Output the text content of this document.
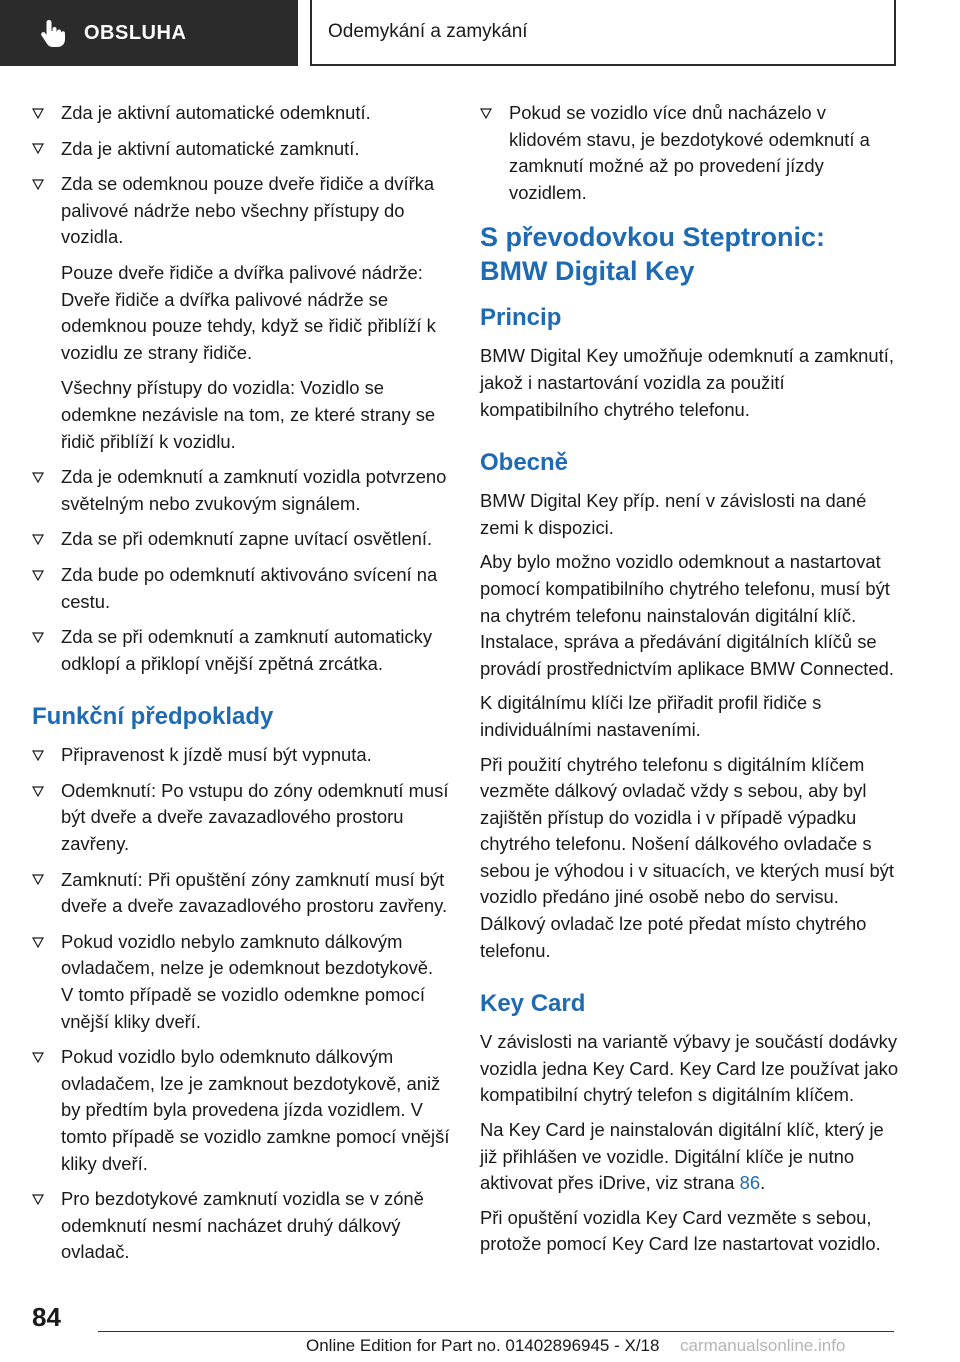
OBSLUHA	Odemykání a zamykání
Zda je aktivní automatické odemknutí.
Zda je aktivní automatické zamknutí.
Zda se odemknou pouze dveře řidiče a dvířka palivové nádrže nebo všechny přístupy do vozidla.

Pouze dveře řidiče a dvířka palivové nádrže: Dveře řidiče a dvířka palivové nádrže se odemknou pouze tehdy, když se řidič přiblíží k vozidlu ze strany řidiče.

Všechny přístupy do vozidla: Vozidlo se odemkne nezávisle na tom, ze které strany se řidič přiblíží k vozidlu.

Zda je odemknutí a zamknutí vozidla potvrzeno světelným nebo zvukovým signálem.
Zda se při odemknutí zapne uvítací osvětlení.
Zda bude po odemknutí aktivováno svícení na cestu.
Zda se při odemknutí a zamknutí automaticky odklopí a přiklopí vnější zpětná zrcátka.
Funkční předpoklady
Připravenost k jízdě musí být vypnuta.
Odemknutí: Po vstupu do zóny odemknutí musí být dveře a dveře zavazadlového prostoru zavřeny.
Zamknutí: Při opuštění zóny zamknutí musí být dveře a dveře zavazadlového prostoru zavřeny.
Pokud vozidlo nebylo zamknuto dálkovým ovladačem, nelze je odemknout bezdotykově. V tomto případě se vozidlo odemkne pomocí vnější kliky dveří.
Pokud vozidlo bylo odemknuto dálkovým ovladačem, lze je zamknout bezdotykově, aniž by předtím byla provedena jízda vozidlem. V tomto případě se vozidlo zamkne pomocí vnější kliky dveří.
Pro bezdotykové zamknutí vozidla se v zóně odemknutí nesmí nacházet druhý dálkový ovladač.
Pokud se vozidlo více dnů nacházelo v klidovém stavu, je bezdotykové odemknutí a zamknutí možné až po provedení jízdy vozidlem.
S převodovkou Steptronic: BMW Digital Key
Princip

BMW Digital Key umožňuje odemknutí a zamknutí, jakož i nastartování vozidla za použití kompatibilního chytrého telefonu.

Obecně

BMW Digital Key příp. není v závislosti na dané zemi k dispozici.

Aby bylo možno vozidlo odemknout a nastartovat pomocí kompatibilního chytrého telefonu, musí být na chytrém telefonu nainstalován digitální klíč. Instalace, správa a předávání digitálních klíčů se provádí prostřednictvím aplikace BMW Connected.

K digitálnímu klíči lze přiřadit profil řidiče s individuálními nastaveními.

Při použití chytrého telefonu s digitálním klíčem vezměte dálkový ovladač vždy s sebou, aby byl zajištěn přístup do vozidla i v případě výpadku chytrého telefonu. Nošení dálkového ovladače s sebou je výhodou i v situacích, ve kterých musí být vozidlo předáno jiné osobě nebo do servisu. Dálkový ovladač lze poté předat místo chytrého telefonu.

Key Card

V závislosti na variantě výbavy je součástí dodávky vozidla jedna Key Card. Key Card lze používat jako kompatibilní chytrý telefon s digitálním klíčem.

Na Key Card je nainstalován digitální klíč, který je již přihlášen ve vozidle. Digitální klíče je nutno aktivovat přes iDrive, viz strana 86.

Při opuštění vozidla Key Card vezměte s sebou, protože pomocí Key Card lze nastartovat vozidlo.

84
Online Edition for Part no. 01402896945 - X/18 carmanualsonline.info
